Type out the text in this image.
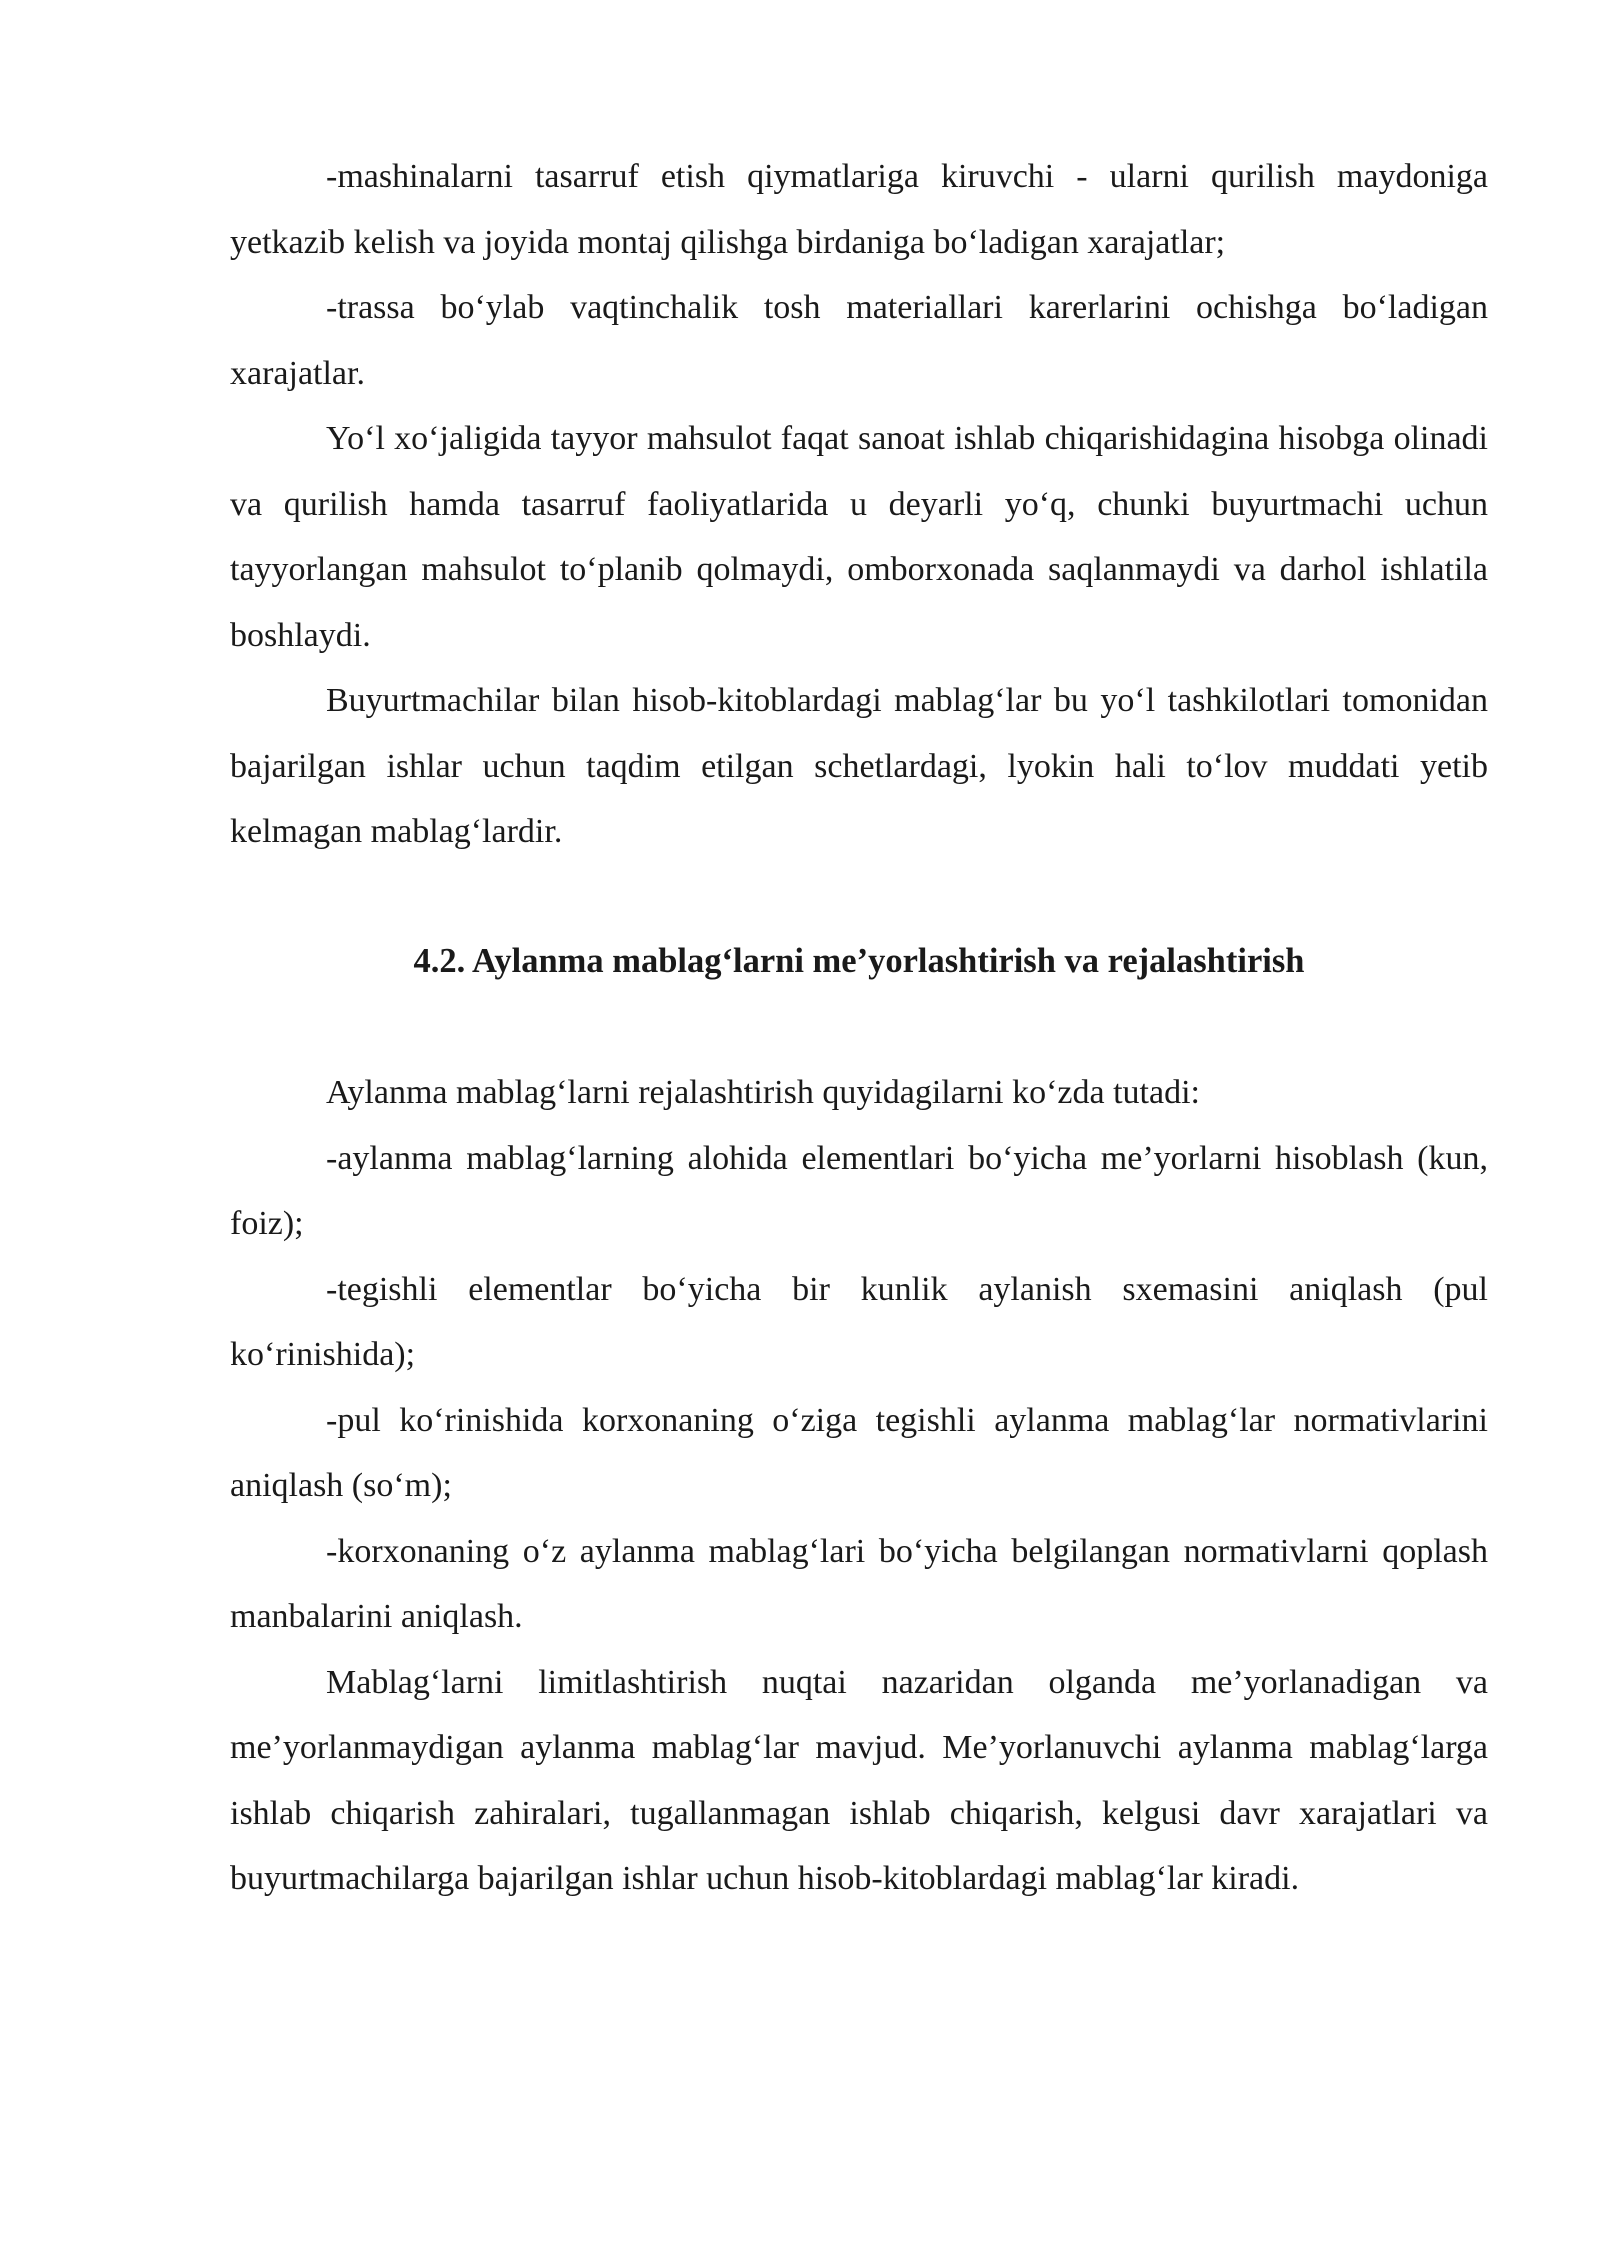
-mashinalarni tasarruf etish qiymatlariga kiruvchi - ularni qurilish maydoniga yetkazib kelish va joyida montaj qilishga birdaniga bo‘ladigan xarajatlar;

-trassa bo‘ylab vaqtinchalik tosh materiallari karerlarini ochishga bo‘ladigan xarajatlar.

Yo‘l xo‘jaligida tayyor mahsulot faqat sanoat ishlab chiqarishidagina hisobga olinadi va qurilish hamda tasarruf faoliyatlarida u deyarli yo‘q, chunki buyurtmachi uchun tayyorlangan mahsulot to‘planib qolmaydi, omborxonada saqlanmaydi va darhol ishlatila boshlaydi.

Buyurtmachilar bilan hisob-kitoblardagi mablag‘lar bu yo‘l tashkilotlari tomonidan bajarilgan ishlar uchun taqdim etilgan schetlardagi, lyokin hali to‘lov muddati yetib kelmagan mablag‘lardir.

4.2. Aylanma mablag‘larni me’yorlashtirish va rejalashtirish

Aylanma mablag‘larni rejalashtirish quyidagilarni ko‘zda tutadi:

-aylanma mablag‘larning alohida elementlari bo‘yicha me’yorlarni hisoblash (kun, foiz);

-tegishli elementlar bo‘yicha bir kunlik aylanish sxemasini aniqlash (pul ko‘rinishida);

-pul ko‘rinishida korxonaning o‘ziga tegishli aylanma mablag‘lar normativlarini aniqlash (so‘m);

-korxonaning o‘z aylanma mablag‘lari bo‘yicha belgilangan normativlarni qoplash manbalarini aniqlash.

Mablag‘larni limitlashtirish nuqtai nazaridan olganda me’yorlanadigan va me’yorlanmaydigan aylanma mablag‘lar mavjud. Me’yorlanuvchi aylanma mablag‘larga ishlab chiqarish zahiralari, tugallanmagan ishlab chiqarish, kelgusi davr xarajatlari va buyurtmachilarga bajarilgan ishlar uchun hisob-kitoblardagi mablag‘lar kiradi.
